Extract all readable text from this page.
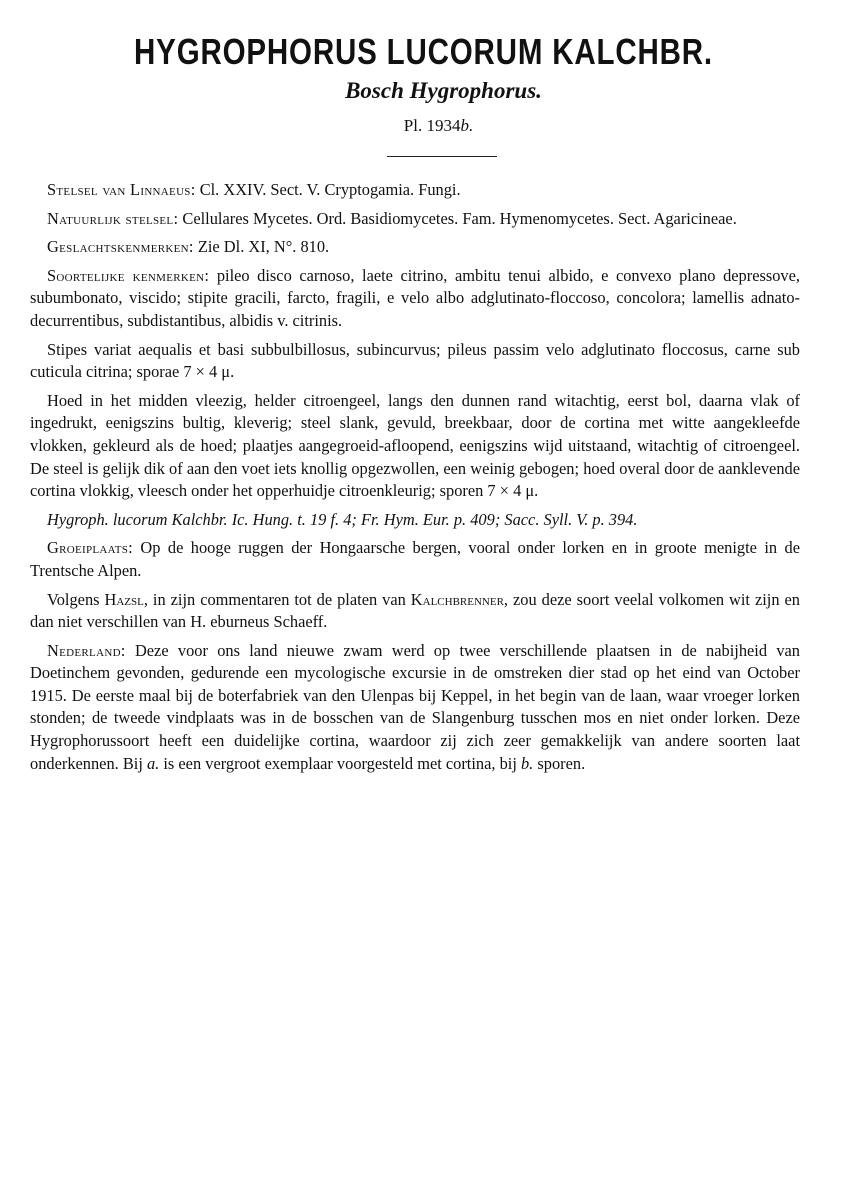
HYGROPHORUS LUCORUM KALCHBR.
Bosch Hygrophorus.
Pl. 1934b.

Stelsel van Linnaeus: Cl. XXIV. Sect. V. Cryptogamia. Fungi.

Natuurlijk stelsel: Cellulares Mycetes. Ord. Basidiomycetes. Fam. Hymenomycetes. Sect. Agaricineae.

Geslachtskenmerken: Zie Dl. XI, N°. 810.

Soortelijke kenmerken: pileo disco carnoso, laete citrino, ambitu tenui albido, e convexo plano depressove, subumbonato, viscido; stipite gracili, farcto, fragili, e velo albo adglutinato-floccoso, concolora; lamellis adnato-decurrentibus, subdistantibus, albidis v. citrinis.

Stipes variat aequalis et basi subbulbillosus, subincurvus; pileus passim velo adglutinato floccosus, carne sub cuticula citrina; sporae 7 × 4 μ.

Hoed in het midden vleezig, helder citroengeel, langs den dunnen rand witachtig, eerst bol, daarna vlak of ingedrukt, eenigszins bultig, kleverig; steel slank, gevuld, breekbaar, door de cortina met witte aangekleefde vlokken, gekleurd als de hoed; plaatjes aangegroeid-afloopend, eenigszins wijd uitstaand, witachtig of citroengeel. De steel is gelijk dik of aan den voet iets knollig opgezwollen, een weinig gebogen; hoed overal door de aanklevende cortina vlokkig, vleesch onder het opperhuidje citroenkleurig; sporen 7 × 4 μ.

Hygroph. lucorum Kalchbr. Ic. Hung. t. 19 f. 4; Fr. Hym. Eur. p. 409; Sacc. Syll. V. p. 394.

Groeiplaats: Op de hooge ruggen der Hongaarsche bergen, vooral onder lorken en in groote menigte in de Trentsche Alpen.

Volgens Hazsl, in zijn commentaren tot de platen van Kalchbrenner, zou deze soort veelal volkomen wit zijn en dan niet verschillen van H. eburneus Schaeff.

Nederland: Deze voor ons land nieuwe zwam werd op twee verschillende plaatsen in de nabijheid van Doetinchem gevonden, gedurende een mycologische excursie in de omstreken dier stad op het eind van October 1915. De eerste maal bij de boterfabriek van den Ulenpas bij Keppel, in het begin van de laan, waar vroeger lorken stonden; de tweede vindplaats was in de bosschen van de Slangenburg tusschen mos en niet onder lorken. Deze Hygrophorussoort heeft een duidelijke cortina, waardoor zij zich zeer gemakkelijk van andere soorten laat onderkennen. Bij a. is een vergroot exemplaar voorgesteld met cortina, bij b. sporen.
